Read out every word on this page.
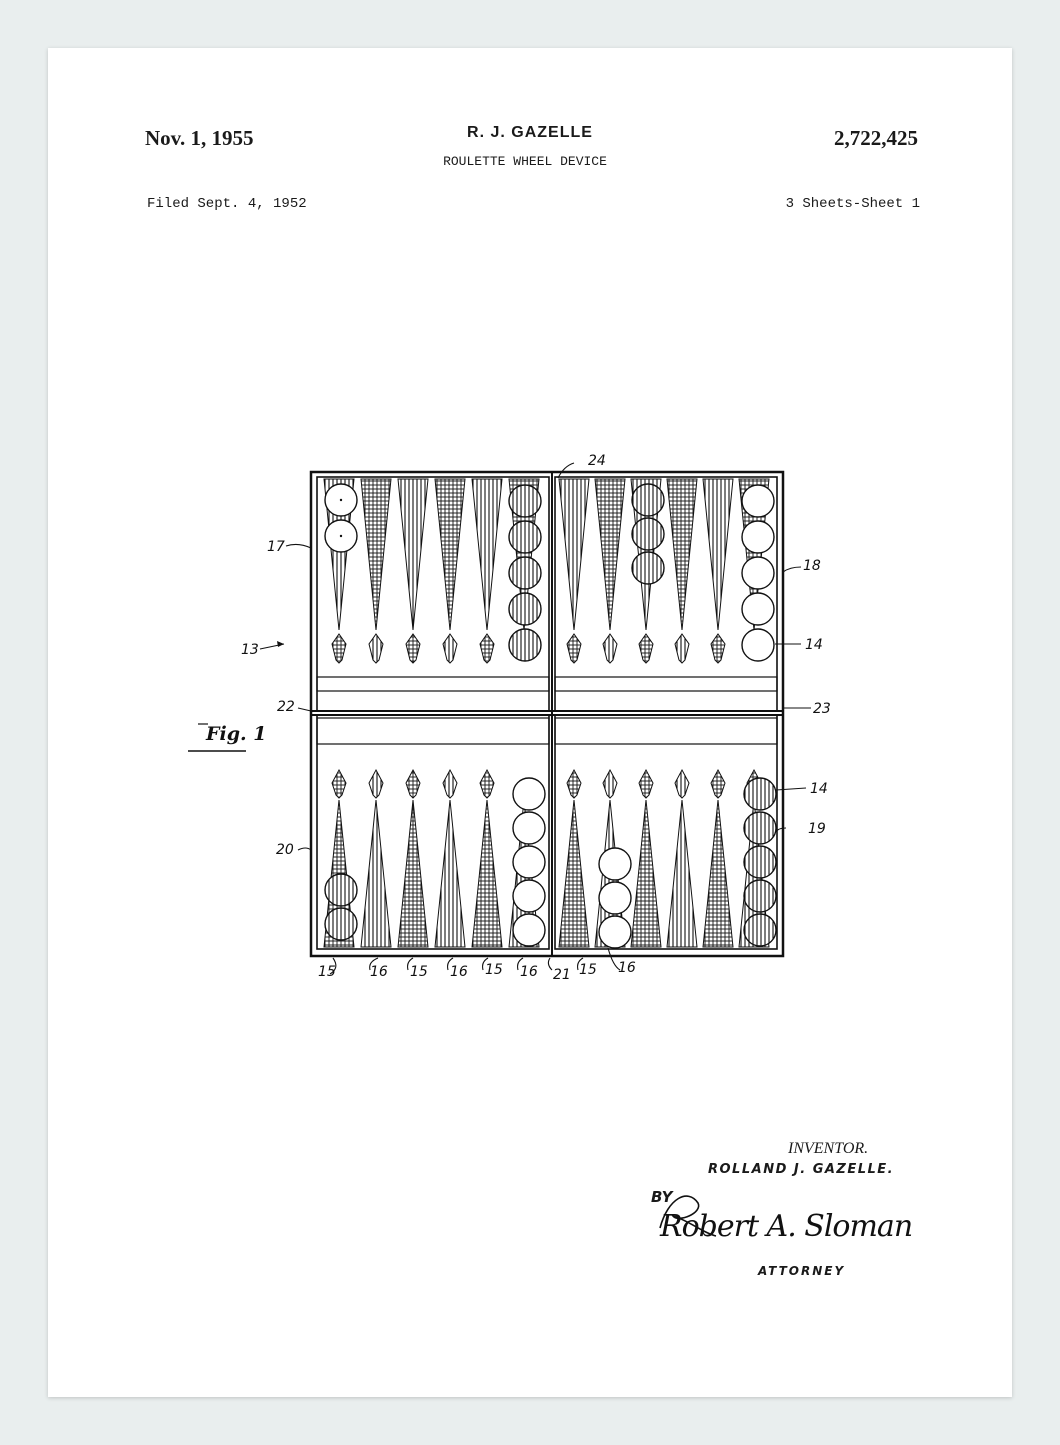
Nov. 1, 1955	R. J. GAZELLE
ROULETTE WHEEL DEVICE
2,722,425
Filed Sept. 4, 1952	3 Sheets-Sheet 1
24
17
18
13	14
22	23
14
19
20
15 16 15 16 15 16 21 15 16
Fig. 1
Robert A. Sloman
INVENTOR.
ROLLAND J. GAZELLE.
BY
ATTORNEY
